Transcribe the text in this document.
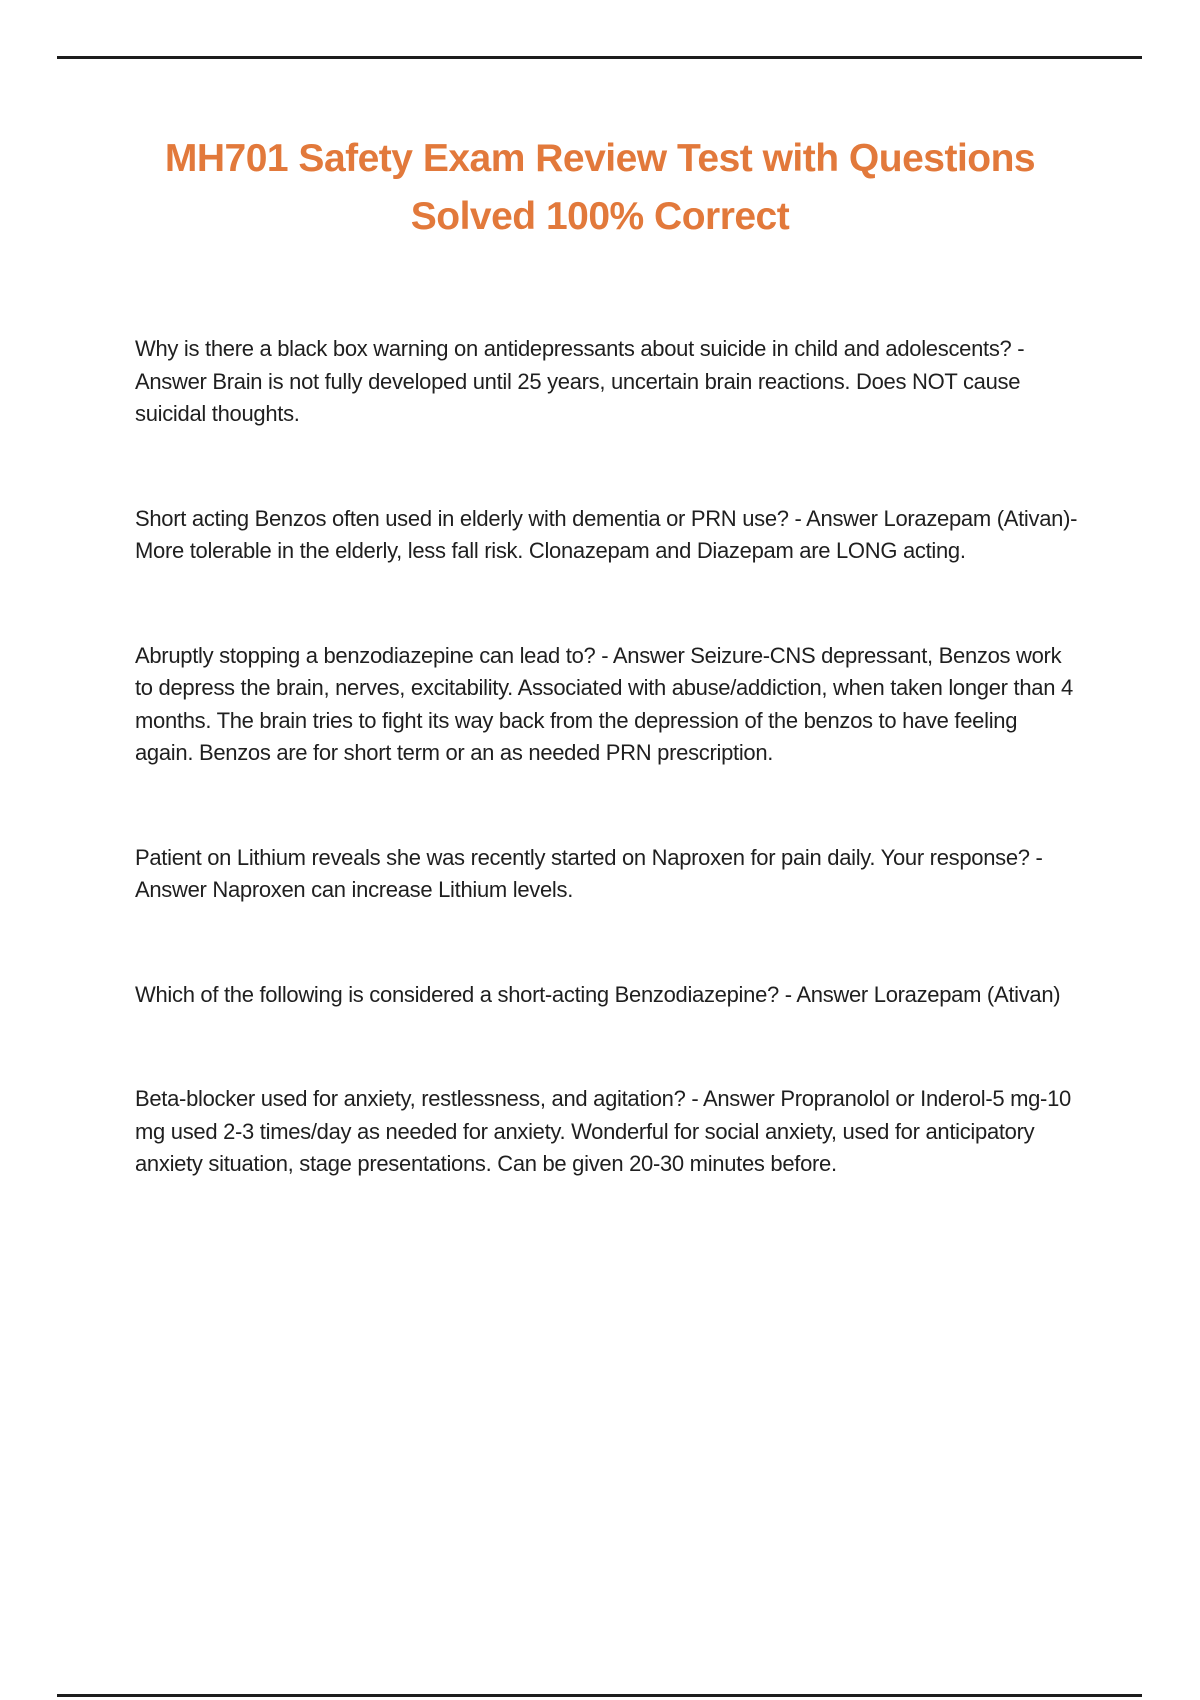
MH701 Safety Exam Review Test with Questions
Solved 100% Correct

Why is there a black box warning on antidepressants about suicide in child and adolescents? - Answer Brain is not fully developed until 25 years, uncertain brain reactions. Does NOT cause suicidal thoughts.

Short acting Benzos often used in elderly with dementia or PRN use? - Answer Lorazepam (Ativan)-More tolerable in the elderly, less fall risk. Clonazepam and Diazepam are LONG acting.

Abruptly stopping a benzodiazepine can lead to? - Answer Seizure-CNS depressant, Benzos work to depress the brain, nerves, excitability. Associated with abuse/addiction, when taken longer than 4 months. The brain tries to fight its way back from the depression of the benzos to have feeling again. Benzos are for short term or an as needed PRN prescription.

Patient on Lithium reveals she was recently started on Naproxen for pain daily. Your response? - Answer Naproxen can increase Lithium levels.

Which of the following is considered a short-acting Benzodiazepine? - Answer Lorazepam (Ativan)

Beta-blocker used for anxiety, restlessness, and agitation? - Answer Propranolol or Inderol-5 mg-10 mg used 2-3 times/day as needed for anxiety. Wonderful for social anxiety, used for anticipatory anxiety situation, stage presentations. Can be given 20-30 minutes before.
